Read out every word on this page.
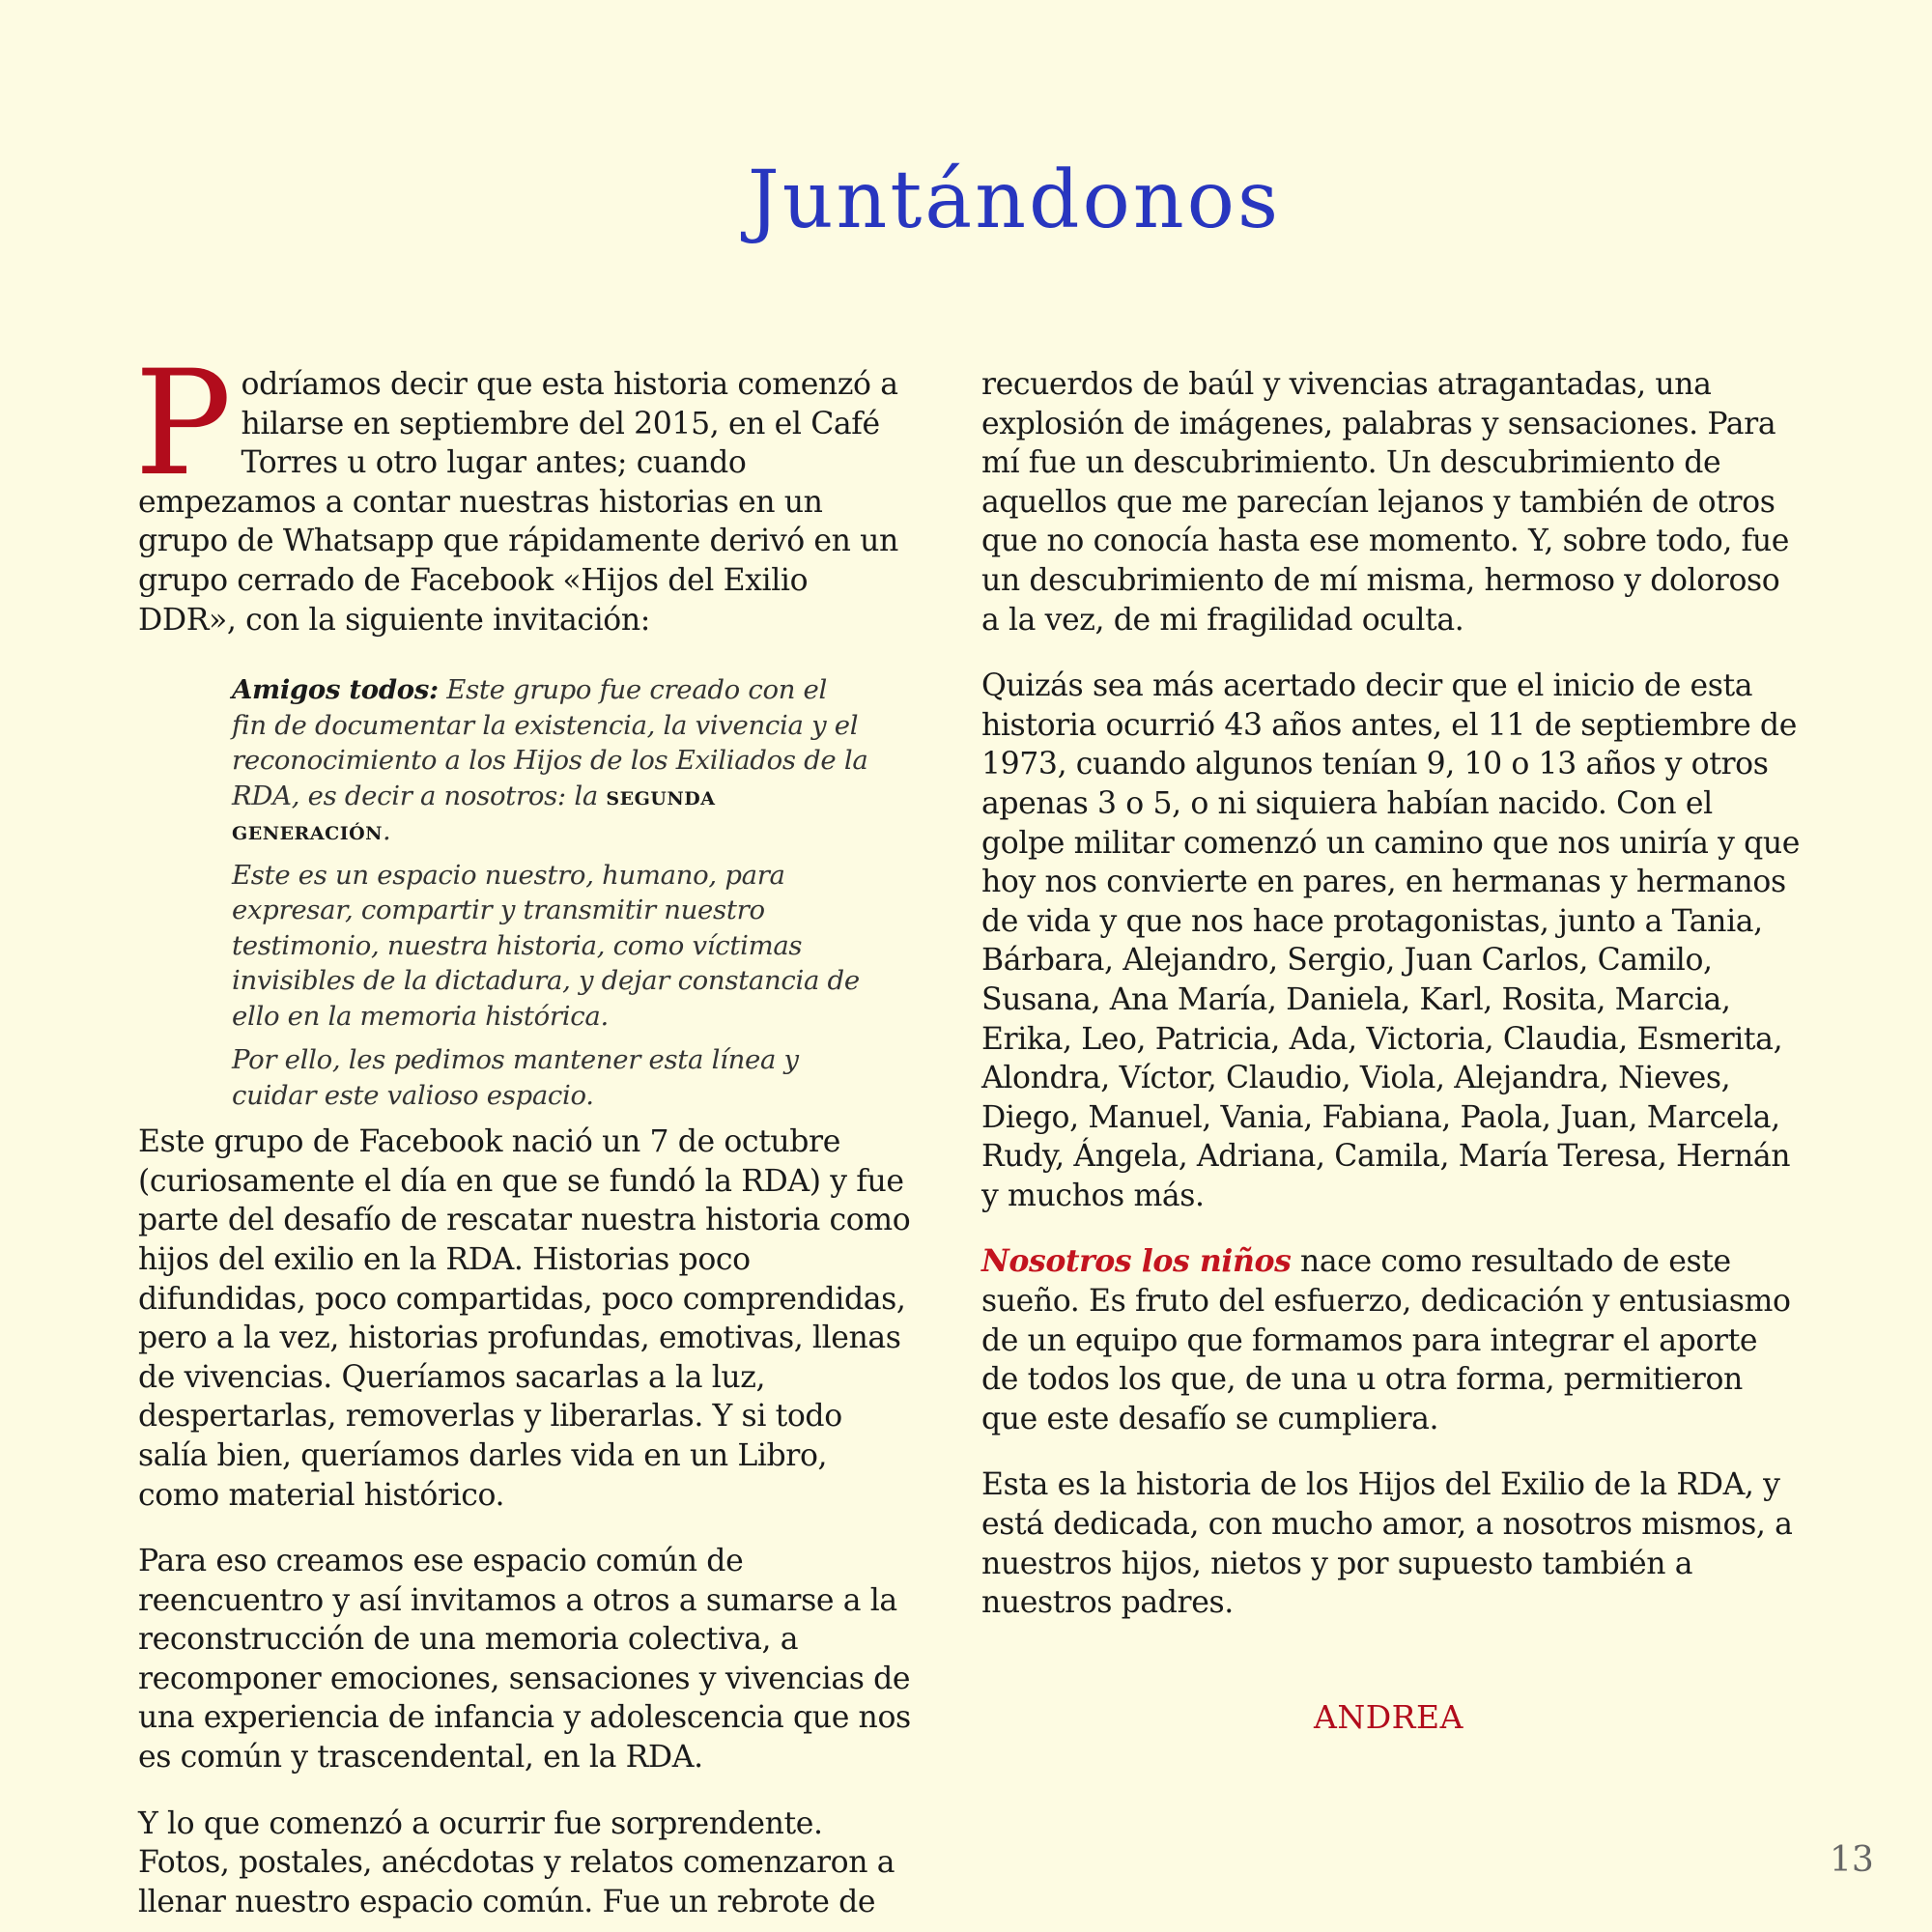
Juntándonos

Podríamos decir que esta historia comenzó a hilarse en septiembre del 2015, en el Café Torres u otro lugar antes; cuando empezamos a contar nuestras historias en un grupo de Whatsapp que rápidamente derivó en un grupo cerrado de Facebook «Hijos del Exilio DDR», con la siguiente invitación:

Amigos todos: Este grupo fue creado con el fin de documentar la existencia, la vivencia y el reconocimiento a los Hijos de los Exiliados de la RDA, es decir a nosotros: la segunda generación.

Este es un espacio nuestro, humano, para expresar, compartir y transmitir nuestro testimonio, nuestra historia, como víctimas invisibles de la dictadura, y dejar constancia de ello en la memoria histórica.

Por ello, les pedimos mantener esta línea y cuidar este valioso espacio.

Este grupo de Facebook nació un 7 de octubre (curiosamente el día en que se fundó la RDA) y fue parte del desafío de rescatar nuestra historia como hijos del exilio en la RDA. Historias poco difundidas, poco compartidas, poco comprendidas, pero a la vez, historias profundas, emotivas, llenas de vivencias. Queríamos sacarlas a la luz, despertarlas, removerlas y liberarlas. Y si todo salía bien, queríamos darles vida en un Libro, como material histórico.

Para eso creamos ese espacio común de reencuentro y así invitamos a otros a sumarse a la reconstrucción de una memoria colectiva, a recomponer emociones, sensaciones y vivencias de una experiencia de infancia y adolescencia que nos es común y trascendental, en la RDA.

Y lo que comenzó a ocurrir fue sorprendente. Fotos, postales, anécdotas y relatos comenzaron a llenar nuestro espacio común. Fue un rebrote de

recuerdos de baúl y vivencias atragantadas, una explosión de imágenes, palabras y sensaciones. Para mí fue un descubrimiento. Un descubrimiento de aquellos que me parecían lejanos y también de otros que no conocía hasta ese momento. Y, sobre todo, fue un descubrimiento de mí misma, hermoso y doloroso a la vez, de mi fragilidad oculta.

Quizás sea más acertado decir que el inicio de esta historia ocurrió 43 años antes, el 11 de septiembre de 1973, cuando algunos tenían 9, 10 o 13 años y otros apenas 3 o 5, o ni siquiera habían nacido. Con el golpe militar comenzó un camino que nos uniría y que hoy nos convierte en pares, en hermanas y hermanos de vida y que nos hace protagonistas, junto a Tania, Bárbara, Alejandro, Sergio, Juan Carlos, Camilo, Susana, Ana María, Daniela, Karl, Rosita, Marcia, Erika, Leo, Patricia, Ada, Victoria, Claudia, Esmerita, Alondra, Víctor, Claudio, Viola, Alejandra, Nieves, Diego, Manuel, Vania, Fabiana, Paola, Juan, Marcela, Rudy, Ángela, Adriana, Camila, María Teresa, Hernán y muchos más.

Nosotros los niños nace como resultado de este sueño. Es fruto del esfuerzo, dedicación y entusiasmo de un equipo que formamos para integrar el aporte de todos los que, de una u otra forma, permitieron que este desafío se cumpliera.

Esta es la historia de los Hijos del Exilio de la RDA, y está dedicada, con mucho amor, a nosotros mismos, a nuestros hijos, nietos y por supuesto también a nuestros padres.

ANDREA
13
